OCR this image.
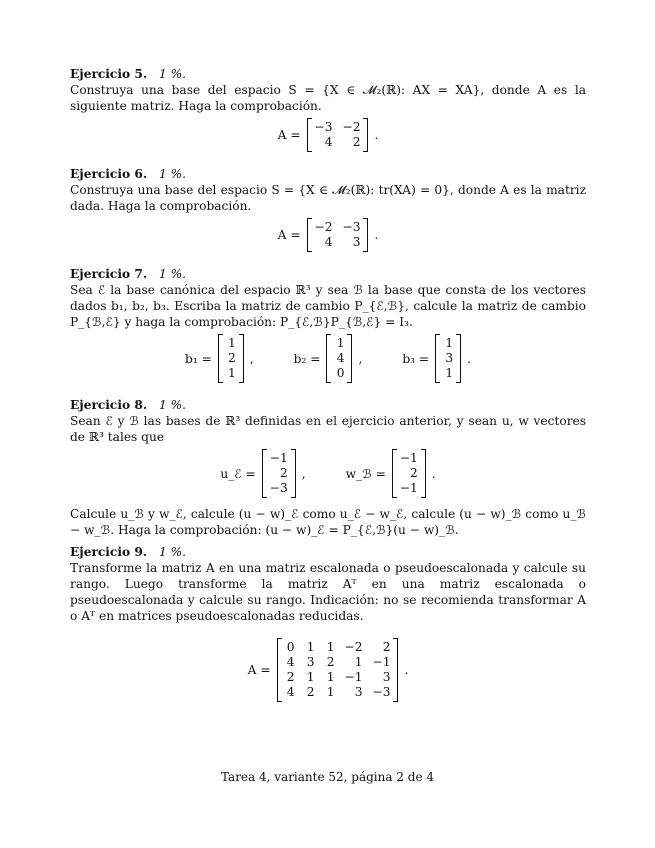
Ejercicio 5. 1 %.
Construya una base del espacio S = {X ∈ 𝓜₂(ℝ): AX = XA}, donde A es la siguiente matriz. Haga la comprobación.
A =
−3 −2
4	2 .
Ejercicio 6. 1 %.
Construya una base del espacio S = {X ∈ 𝓜₂(ℝ): tr(XA) = 0}, donde A es la matriz dada. Haga la comprobación.
A =
−2 −3
4	3 .
Ejercicio 7. 1 %.
Sea ℰ la base canónica del espacio ℝ³ y sea ℬ la base que consta de los vectores dados b₁, b₂, b₃. Escriba la matriz de cambio P_{ℰ,ℬ}, calcule la matriz de cambio P_{ℬ,ℰ} y haga la comprobación: P_{ℰ,ℬ}P_{ℬ,ℰ} = I₃.
b₁ =
1
2
1
,	b₂ =
1
4
0
,	b₃ =
1
3
1
.
Ejercicio 8. 1 %.
Sean ℰ y ℬ las bases de ℝ³ definidas en el ejercicio anterior, y sean u, w vectores de ℝ³ tales que
u_ℰ =
−1
2
−3
,	w_ℬ =
−1
2
−1
.
Calcule u_ℬ y w_ℰ, calcule (u − w)_ℰ como u_ℰ − w_ℰ, calcule (u − w)_ℬ como u_ℬ − w_ℬ. Haga la comprobación: (u − w)_ℰ = P_{ℰ,ℬ}(u − w)_ℬ.
Ejercicio 9. 1 %.
Transforme la matriz A en una matriz escalonada o pseudoescalonada y calcule su rango. Luego transforme la matriz Aᵀ en una matriz escalonada o pseudoescalonada y calcule su rango. Indicación: no se recomienda transformar A o Aᵀ en matrices pseudoescalonadas reducidas.
A =
0 1 1 −2	2
4 3 2	1 −1
2 1 1 −1	3
4 2 1	3 −3
.
Tarea 4, variante 52, página 2 de 4
